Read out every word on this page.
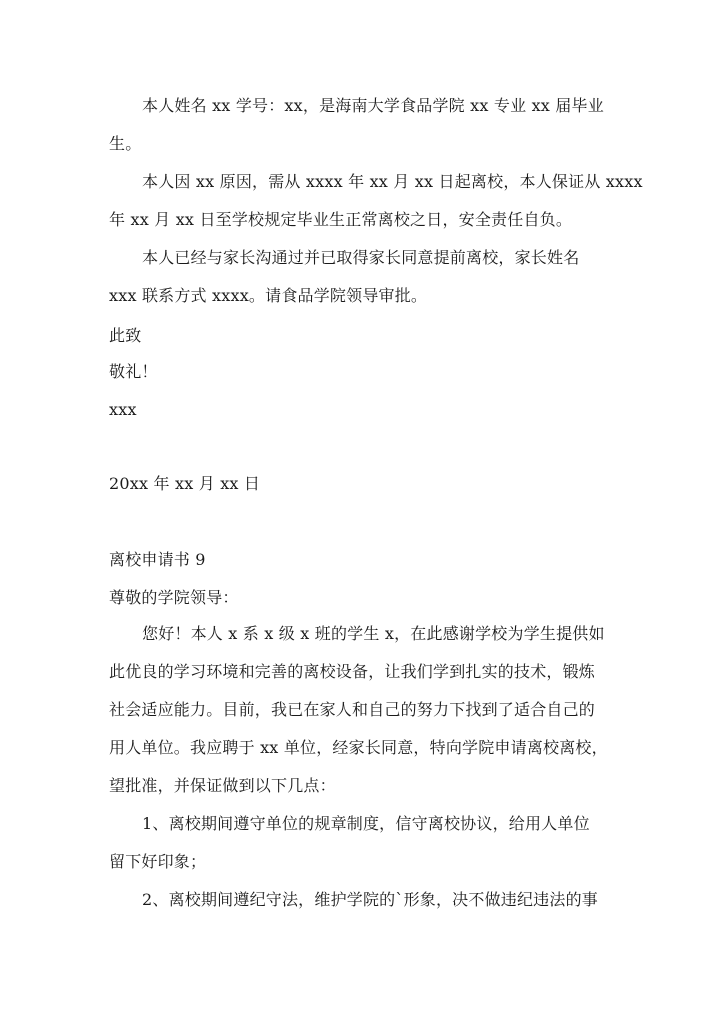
本人姓名 xx 学号：xx，是海南大学食品学院 xx 专业 xx 届毕业
生。
本人因 xx 原因，需从 xxxx 年 xx 月 xx 日起离校，本人保证从 xxxx
年 xx 月 xx 日至学校规定毕业生正常离校之日，安全责任自负。
本人已经与家长沟通过并已取得家长同意提前离校，家长姓名
xxx 联系方式 xxxx。请食品学院领导审批。
此致
敬礼！
xxx
20xx 年 xx 月 xx 日
离校申请书 9
尊敬的学院领导：
您好！本人 x 系 x 级 x 班的学生 x，在此感谢学校为学生提供如
此优良的学习环境和完善的离校设备，让我们学到扎实的技术，锻炼
社会适应能力。目前，我已在家人和自己的努力下找到了适合自己的
用人单位。我应聘于 xx 单位，经家长同意，特向学院申请离校离校，
望批准，并保证做到以下几点：
1、离校期间遵守单位的规章制度，信守离校协议，给用人单位
留下好印象；
2、离校期间遵纪守法，维护学院的`形象，决不做违纪违法的事
